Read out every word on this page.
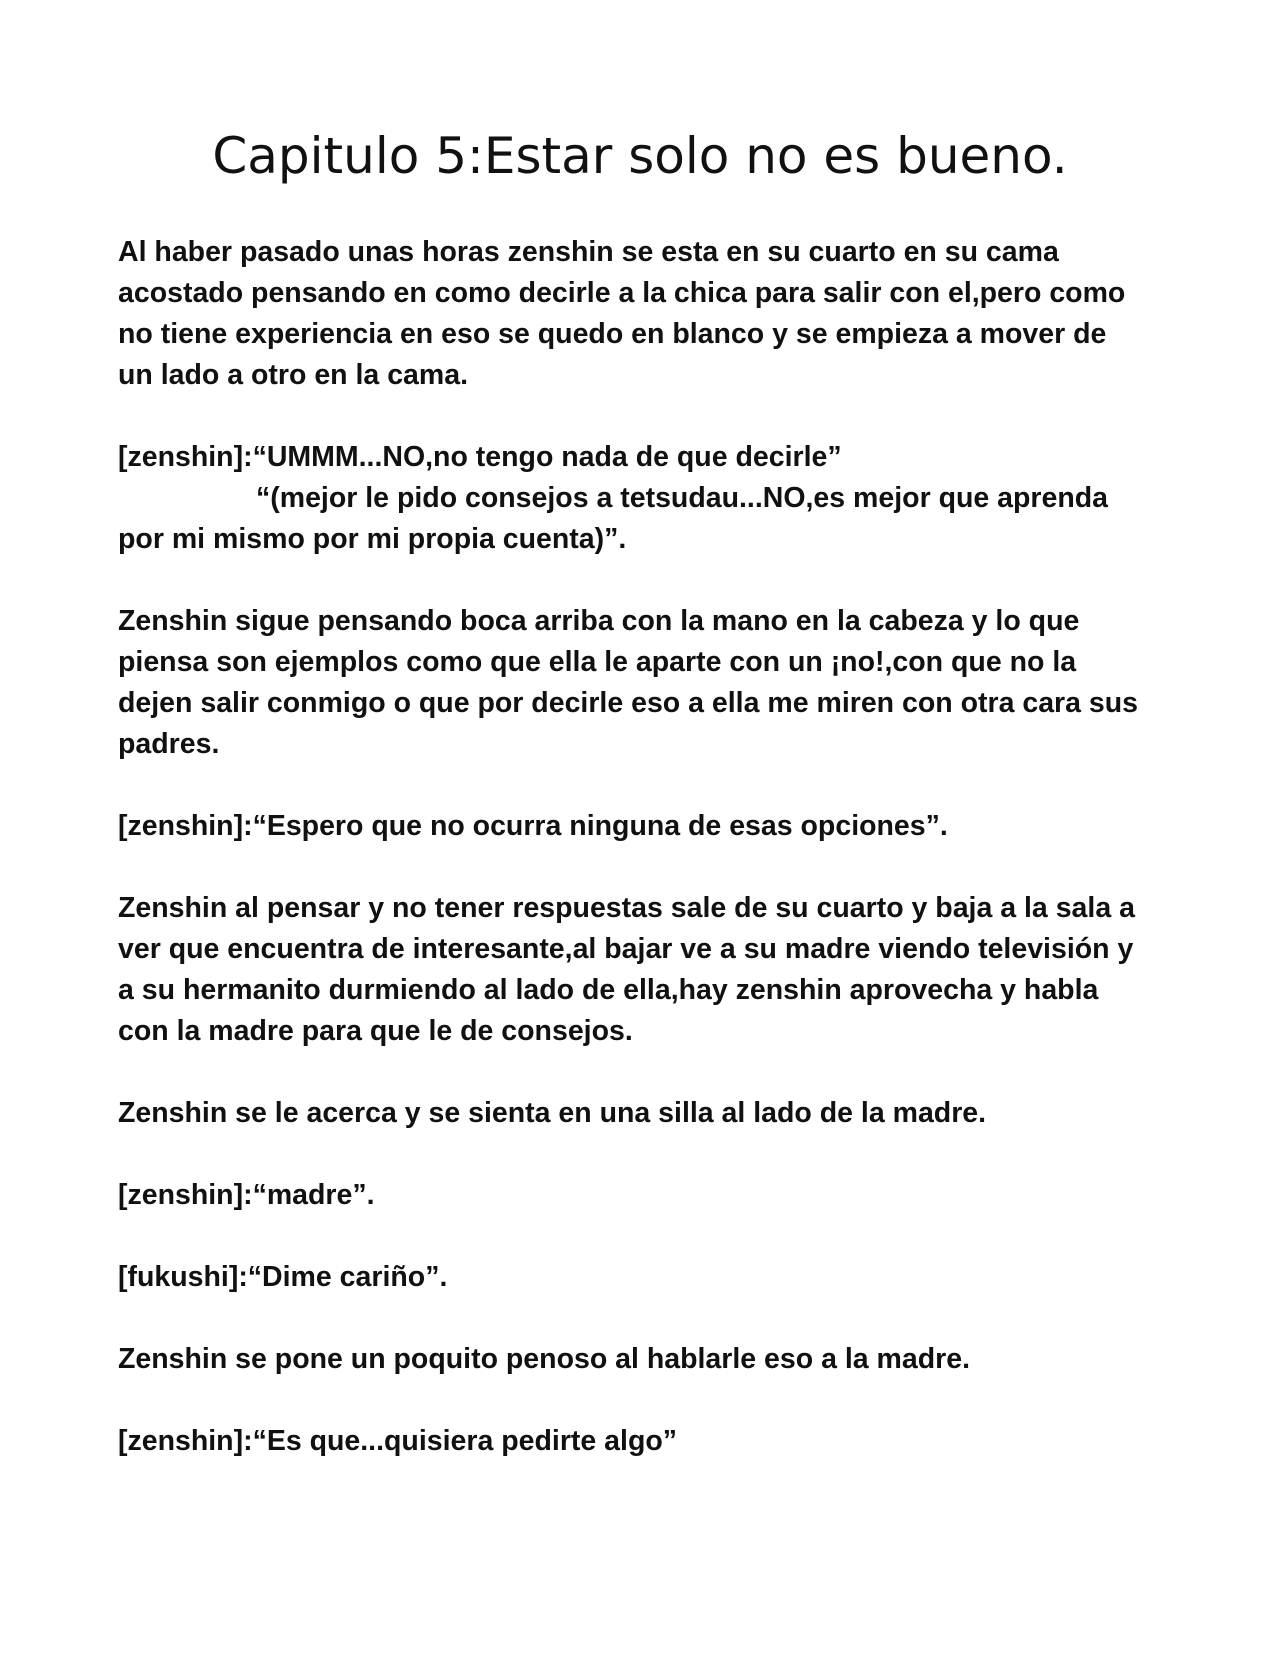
Capitulo 5:Estar solo no es bueno.

Al haber pasado unas horas zenshin se esta en su cuarto en su cama
acostado pensando en como decirle a la chica para salir con el,pero como
no tiene experiencia en eso se quedo en blanco y se empieza a mover de
un lado a otro en la cama.

[zenshin]:“UMMM...NO,no tengo nada de que decirle”
“(mejor le pido consejos a tetsudau...NO,es mejor que aprenda
por mi mismo por mi propia cuenta)”.

Zenshin sigue pensando boca arriba con la mano en la cabeza y lo que
piensa son ejemplos como que ella le aparte con un ¡no!,con que no la
dejen salir conmigo o que por decirle eso a ella me miren con otra cara sus
padres.

[zenshin]:“Espero que no ocurra ninguna de esas opciones”.

Zenshin al pensar y no tener respuestas sale de su cuarto y baja a la sala a
ver que encuentra de interesante,al bajar ve a su madre viendo televisión y
a su hermanito durmiendo al lado de ella,hay zenshin aprovecha y habla
con la madre para que le de consejos.

Zenshin se le acerca y se sienta en una silla al lado de la madre.

[zenshin]:“madre”.

[fukushi]:“Dime cariño”.

Zenshin se pone un poquito penoso al hablarle eso a la madre.

[zenshin]:“Es que...quisiera pedirte algo”
